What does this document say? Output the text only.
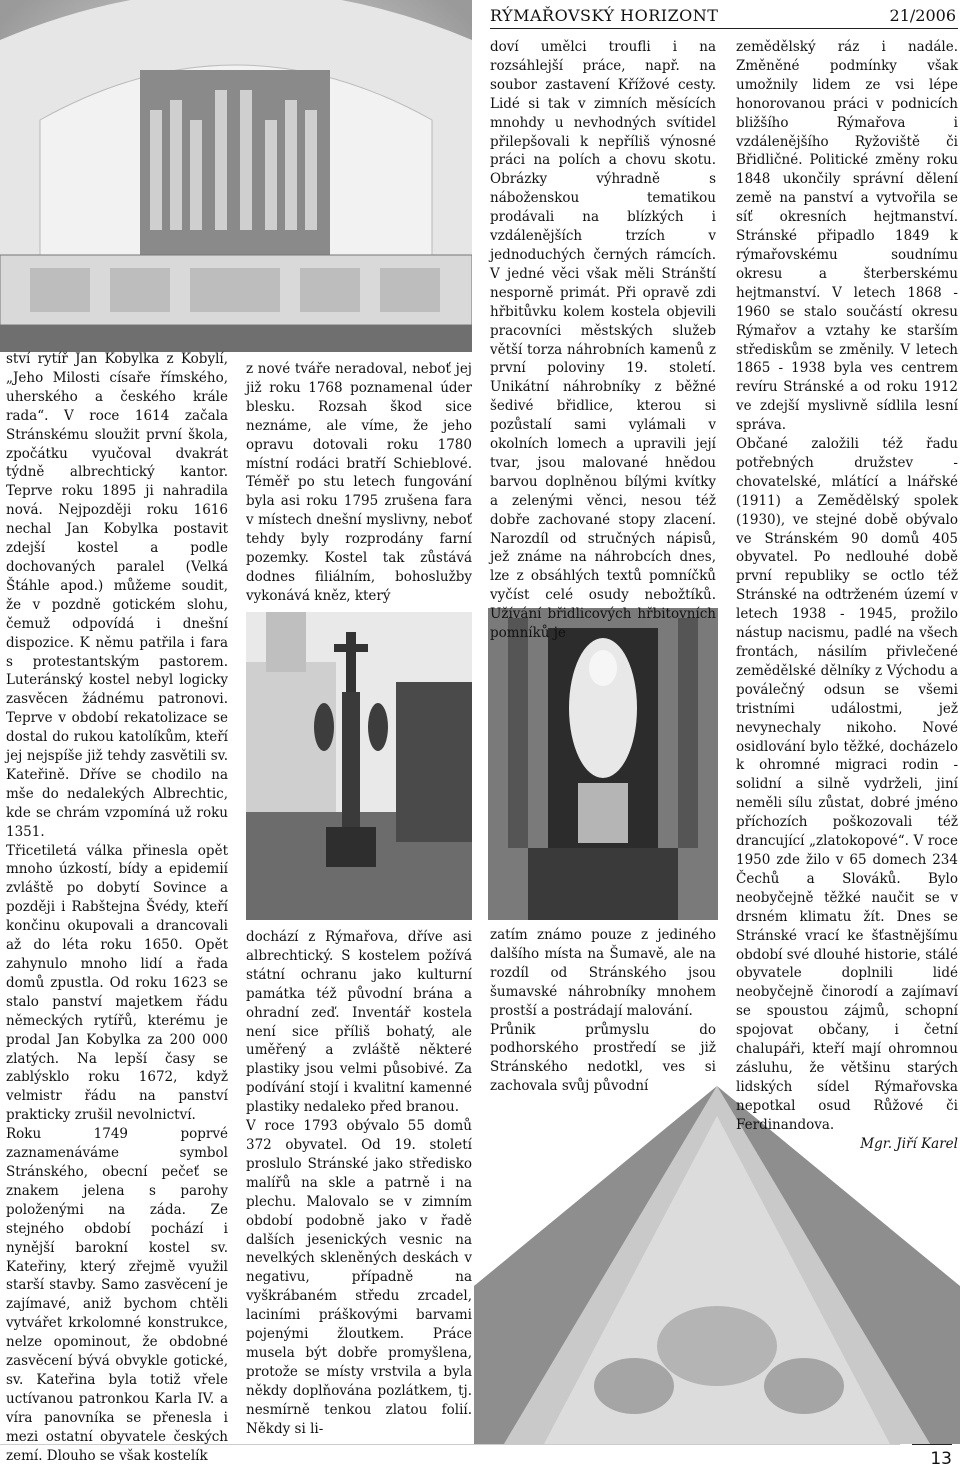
RÝMAŘOVSKÝ HORIZONT	21/2006

ství rytíř Jan Kobylka z Kobylí, „Jeho Milosti císaře římského, uherského a českého krále rada“. V roce 1614 začala Stránskému sloužit první škola, zpočátku vyučoval dvakrát týdně albrechtický kantor. Teprve roku 1895 ji nahradila nová. Nejpozději roku 1616 nechal Jan Kobylka postavit zdejší kostel a podle dochovaných paralel (Velká Štáhle apod.) můžeme soudit, že v pozdně gotickém slohu, čemuž odpovídá i dnešní dispozice. K němu patřila i fara s protestantským pastorem. Luteránský kostel nebyl logicky zasvěcen žádnému patronovi. Teprve v období rekatolizace se dostal do rukou katolíkům, kteří jej nejspíše již tehdy zasvětili sv. Kateřině. Dříve se chodilo na mše do nedalekých Albrechtic, kde se chrám vzpomíná už roku 1351.

Třicetiletá válka přinesla opět mnoho úzkostí, bídy a epidemií zvláště po dobytí Sovince a později i Rabštejna Švédy, kteří končinu okupovali a drancovali až do léta roku 1650. Opět zahynulo mnoho lidí a řada domů zpustla. Od roku 1623 se stalo panství majetkem řádu německých rytířů, kterému je prodal Jan Kobylka za 200 000 zlatých. Na lepší časy se zablýsklo roku 1672, když velmistr řádu na panství prakticky zrušil nevolnictví.

Roku 1749 poprvé zaznamenáváme symbol Stránského, obecní pečeť se znakem jelena s parohy položenými na záda. Ze stejného období pochází i nynější barokní kostel sv. Kateřiny, který zřejmě využil starší stavby. Samo zasvěcení je zajímavé, aniž bychom chtěli vytvářet krkolomné konstrukce, nelze opominout, že obdobné zasvěcení bývá obvykle gotické, sv. Kateřina byla totiž vřele uctívanou patronkou Karla IV. a víra panovníka se přenesla i mezi ostatní obyvatele českých zemí. Dlouho se však kostelík

z nové tváře neradoval, neboť jej již roku 1768 poznamenal úder blesku. Rozsah škod sice neznáme, ale víme, že jeho opravu dotovali roku 1780 místní rodáci bratří Schieblové. Téměř po stu letech fungování byla asi roku 1795 zrušena fara v místech dnešní myslivny, neboť tehdy byly rozprodány farní pozemky. Kostel tak zůstává dodnes filiálním, bohoslužby vykonává kněz, který

dochází z Rýmařova, dříve asi albrechtický. S kostelem požívá státní ochranu jako kulturní památka též původní brána a ohradní zeď. Inventář kostela není sice příliš bohatý, ale uměřený a zvláště některé plastiky jsou velmi působivé. Za podívání stojí i kvalitní kamenné plastiky nedaleko před branou.

V roce 1793 obývalo 55 domů 372 obyvatel. Od 19. století proslulo Stránské jako středisko malířů na skle a patrně i na plechu. Malovalo se v zimním období podobně jako v řadě dalších jesenických vesnic na nevelkých skleněných deskách v negativu, případně na vyškrábaném středu zrcadel, laciními práškovými barvami pojenými žloutkem. Práce musela být dobře promyšlena, protože se místy vrstvila a byla někdy doplňována pozlátkem, tj. nesmírně tenkou zlatou folií. Někdy si li-

doví umělci troufli i na rozsáhlejší práce, např. na soubor zastavení Křížové cesty. Lidé si tak v zimních měsících mnohdy u nevhodných svítidel přilepšovali k nepříliš výnosné práci na polích a chovu skotu. Obrázky výhradně s náboženskou tematikou prodávali na blízkých i vzdálenějších trzích v jednoduchých černých rámcích. V jedné věci však měli Stránští nesporně primát. Při opravě zdi hřbitůvku kolem kostela objevili pracovníci městských služeb větší torza náhrobních kamenů z první poloviny 19. století. Unikátní náhrobníky z běžné šedivé břidlice, kterou si pozůstalí sami vylámali v okolních lomech a upravili její tvar, jsou malované hnědou barvou doplněnou bílými kvítky a zelenými věnci, nesou též dobře zachované stopy zlacení. Narozdíl od stručných nápisů, jež známe na náhrobcích dnes, lze z obsáhlých textů pomníčků vyčíst celé osudy nebožtíků. Užívání břidlicových hřbitovních pomníků je

zatím známo pouze z jediného dalšího místa na Šumavě, ale na rozdíl od Stránského jsou šumavské náhrobníky mnohem prostší a postrádají malování.

Průnik průmyslu do podhorského prostředí se již Stránského nedotkl, ves si zachovala svůj původní

zemědělský ráz i nadále. Změněné podmínky však umožnily lidem ze vsi lépe honorovanou práci v podnicích bližšího Rýmařova i vzdálenějšího Ryžoviště či Břidličné. Politické změny roku 1848 ukončily správní dělení země na panství a vytvořila se síť okresních hejtmanství. Stránské připadlo 1849 k rýmařovskému soudnímu okresu a šterberskému hejtmanství. V letech 1868 - 1960 se stalo součástí okresu Rýmařov a vztahy ke starším střediskům se změnily. V letech 1865 - 1938 byla ves centrem revíru Stránské a od roku 1912 ve zdejší myslivně sídlila lesní správa.

Občané založili též řadu potřebných družstev - chovatelské, mlátící a lnářské (1911) a Zemědělský spolek (1930), ve stejné době obývalo ve Stránském 90 domů 405 obyvatel. Po nedlouhé době první republiky se octlo též Stránské na odtrženém území v letech 1938 - 1945, prožilo nástup nacismu, padlé na všech frontách, násilím přivlečené zemědělské dělníky z Východu a poválečný odsun se všemi tristními událostmi, jež nevynechaly nikoho. Nové osidlování bylo těžké, docházelo k ohromné migraci rodin - solidní a silně vydrželi, jiní neměli sílu zůstat, dobré jméno příchozích poškozovali též drancující „zlatokopové“. V roce 1950 zde žilo v 65 domech 234 Čechů a Slováků. Bylo neobyčejně těžké naučit se v drsném klimatu žít. Dnes se Stránské vrací ke šťastnějšímu období své dlouhé historie, stálé obyvatele doplnili lidé neobyčejně činorodí a zajímaví se spoustou zájmů, schopní spojovat občany, i četní chalupáři, kteří mají ohromnou zásluhu, že většinu starých lidských sídel Rýmařovska nepotkal osud Růžové či Ferdinandova.

Mgr. Jiří Karel

13
